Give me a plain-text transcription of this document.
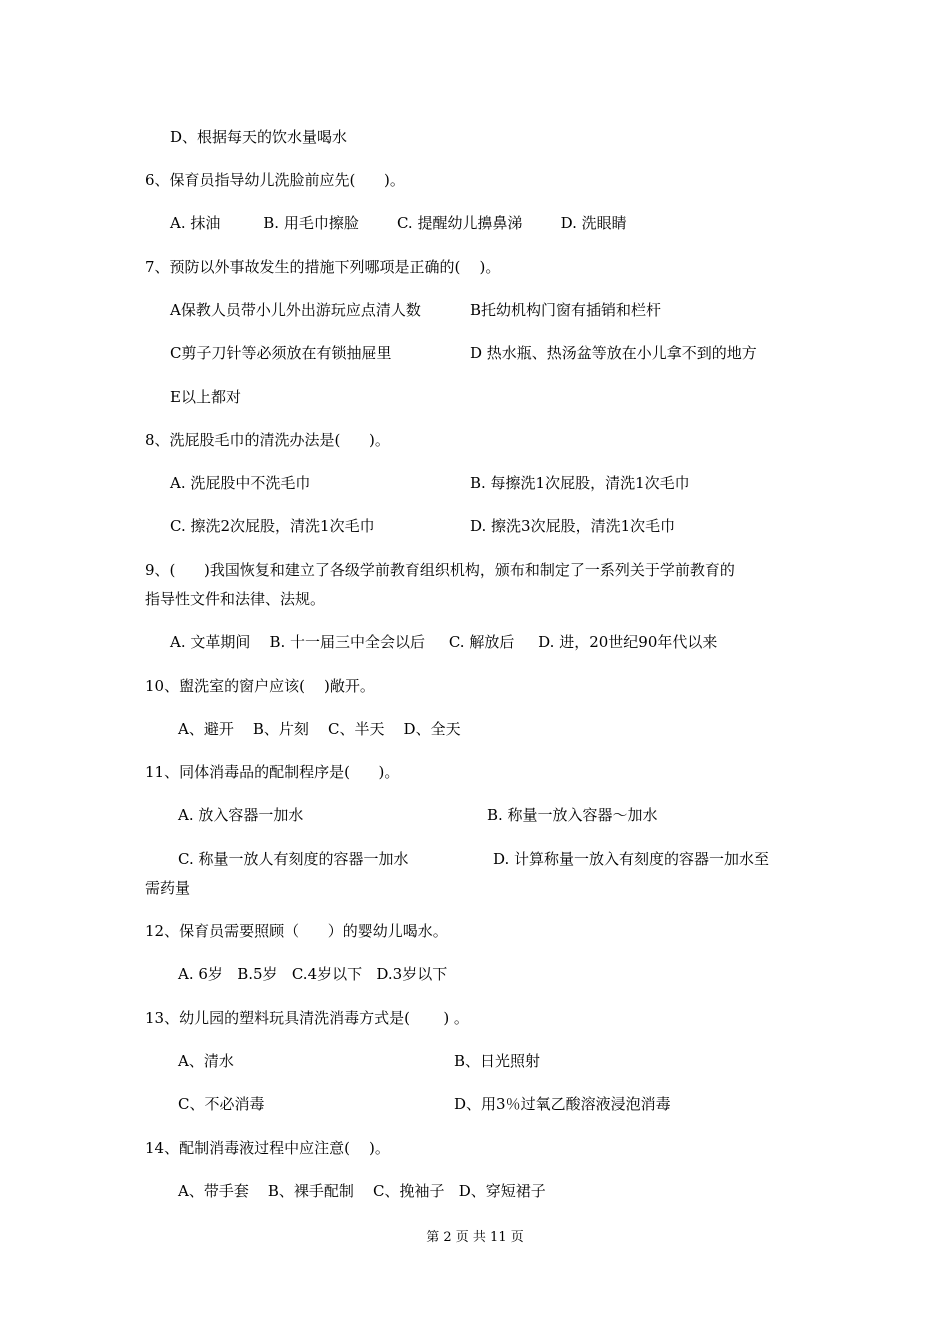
D、根据每天的饮水量喝水
6、保育员指导幼儿洗脸前应先(      )。
A. 抹油         B. 用毛巾擦脸        C. 提醒幼儿擤鼻涕        D. 洗眼睛
7、预防以外事故发生的措施下列哪项是正确的(    )。
A保教人员带小儿外出游玩应点清人数	B托幼机构门窗有插销和栏杆
C剪子刀针等必须放在有锁抽屉里	D 热水瓶、热汤盆等放在小儿拿不到的地方
E以上都对
8、洗屁股毛巾的清洗办法是(      )。
A. 洗屁股中不洗毛巾	B. 每擦洗1次屁股，清洗1次毛巾
C. 擦洗2次屁股，清洗1次毛巾	D. 擦洗3次屁股，清洗1次毛巾
9、(      )我国恢复和建立了各级学前教育组织机构，颁布和制定了一系列关于学前教育的
指导性文件和法律、法规。
A. 文革期间    B. 十一届三中全会以后     C. 解放后     D. 进，20世纪90年代以来
10、盥洗室的窗户应该(    )敞开。
A、避开    B、片刻    C、半天    D、全天
11、同体消毒品的配制程序是(      )。
A. 放入容器一加水	B. 称量一放入容器～加水
C. 称量一放人有刻度的容器一加水	D. 计算称量一放入有刻度的容器一加水至
需药量
12、保育员需要照顾（      ）的婴幼儿喝水。
A. 6岁   B.5岁   C.4岁以下   D.3岁以下
13、幼儿园的塑料玩具清洗消毒方式是(       ) 。
A、清水	B、日光照射
C、不必消毒	D、用3％过氧乙酸溶液浸泡消毒
14、配制消毒液过程中应注意(    )。
A、带手套    B、裸手配制    C、挽袖子   D、穿短裙子
第 2 页 共 11 页
